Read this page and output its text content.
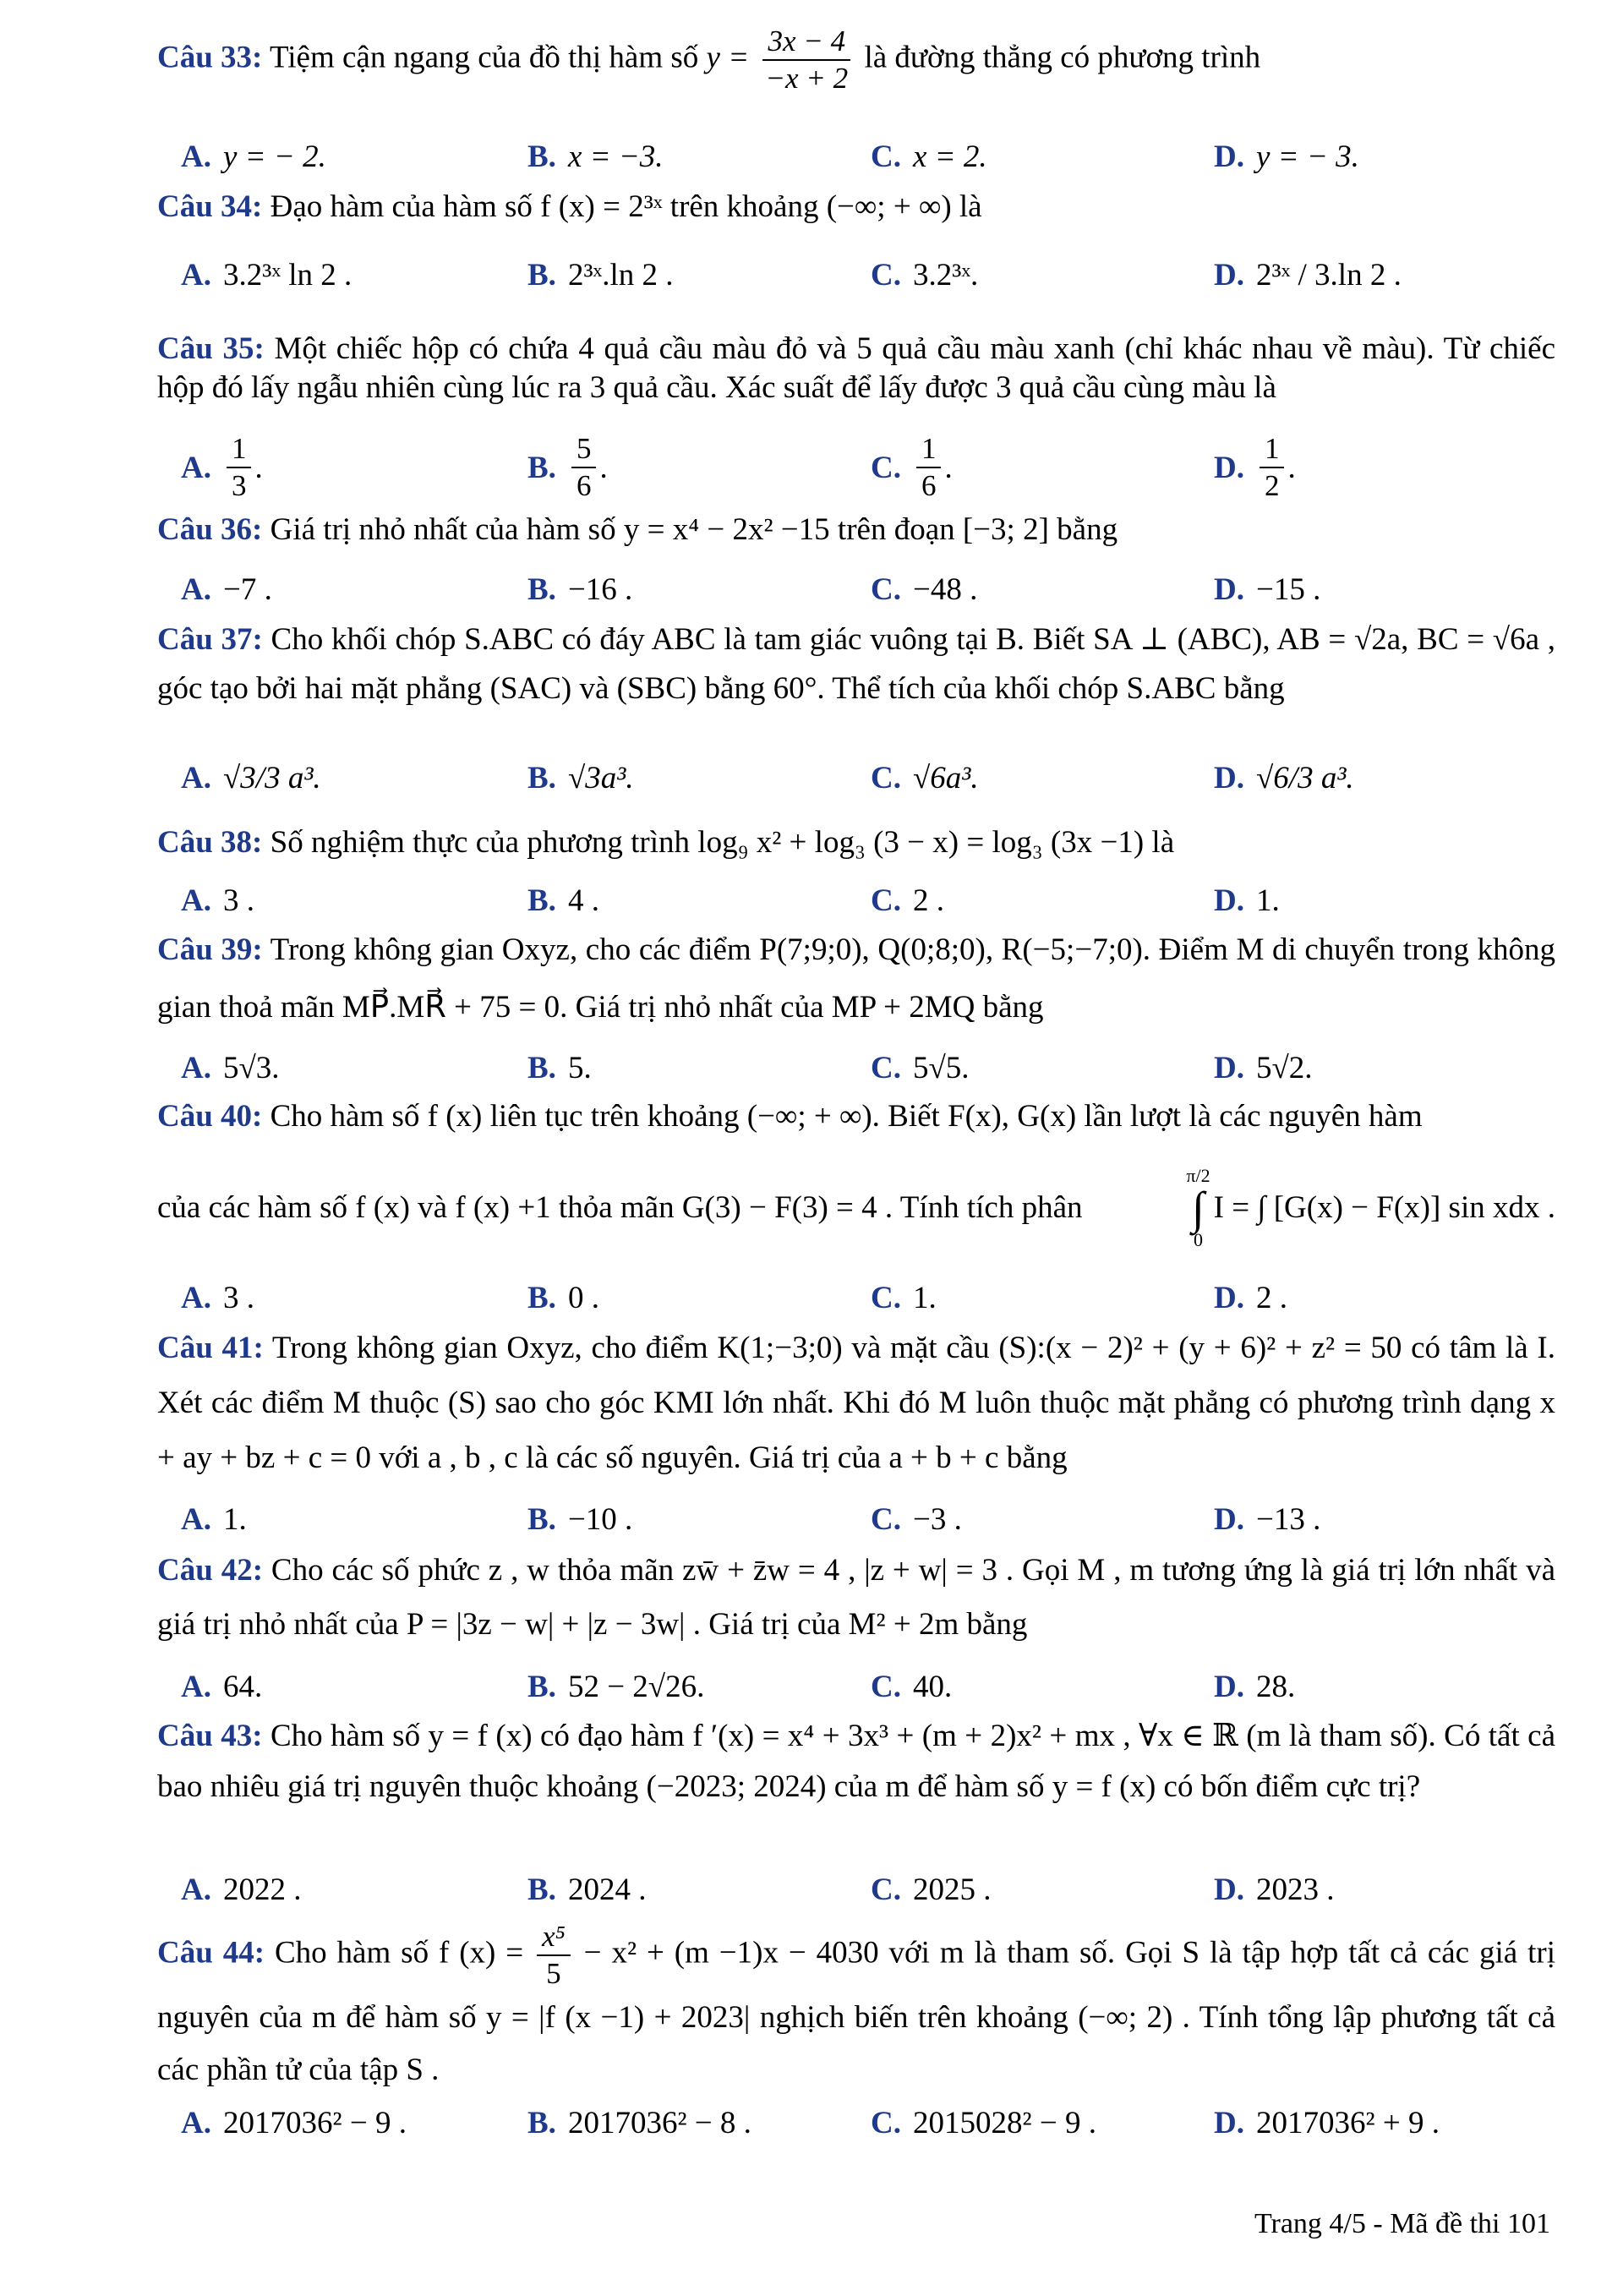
Câu 33: Tiệm cận ngang của đồ thị hàm số $y = \frac{3x - 4}{-x + 2}$ là đường thẳng có phương trình
A. y = − 2.	B. x = −3.	C. x = 2.	D. y = − 3.
Câu 34: Đạo hàm của hàm số f (x) = 2³ˣ trên khoảng (−∞; + ∞) là
A. 3.2³ˣ ln 2 .	B. 2³ˣ.ln 2 .	C. 3.2³ˣ.	D. 2³ˣ / 3.ln 2 .
Câu 35: Một chiếc hộp có chứa 4 quả cầu màu đỏ và 5 quả cầu màu xanh (chỉ khác nhau về màu). Từ chiếc hộp đó lấy ngẫu nhiên cùng lúc ra 3 quả cầu. Xác suất để lấy được 3 quả cầu cùng màu là
A. $\frac{1}{3}$ .	B. $\frac{5}{6}$ .	C. $\frac{1}{6}$ .	D. $\frac{1}{2}$ .
Câu 36: Giá trị nhỏ nhất của hàm số y = x⁴ − 2x² −15 trên đoạn [−3; 2] bằng
A. −7 .	B. −16 .	C. −48 .	D. −15 .
Câu 37: Cho khối chóp S.ABC có đáy ABC là tam giác vuông tại B. Biết SA ⊥ (ABC), AB = √2a, BC = √6a , góc tạo bởi hai mặt phẳng (SAC) và (SBC) bằng 60°. Thể tích của khối chóp S.ABC bằng
A. √3/3 a³.	B. √3a³.	C. √6a³.	D. √6/3 a³.
Câu 38: Số nghiệm thực của phương trình log₉ x² + log₃ (3 − x) = log₃ (3x −1) là
A. 3 .	B. 4 .	C. 2 .	D. 1.
Câu 39: Trong không gian Oxyz, cho các điểm P(7;9;0), Q(0;8;0), R(−5;−7;0). Điểm M di chuyển trong không gian thoả mãn MP⃗.MR⃗ + 75 = 0. Giá trị nhỏ nhất của MP + 2MQ bằng
A. 5√3.	B. 5.	C. 5√5.	D. 5√2.
Câu 40: Cho hàm số f (x) liên tục trên khoảng (−∞; + ∞). Biết F(x), G(x) lần lượt là các nguyên hàm
của các hàm số f (x) và f (x) +1 thỏa mãn G(3) − F(3) = 4 . Tính tích phân
π/2
∫
0
I = ∫ [G(x) − F(x)] sin xdx .
A. 3 .	B. 0 .	C. 1.	D. 2 .
Câu 41: Trong không gian Oxyz, cho điểm K(1;−3;0) và mặt cầu (S):(x − 2)² + (y + 6)² + z² = 50 có tâm là I. Xét các điểm M thuộc (S) sao cho góc KMI lớn nhất. Khi đó M luôn thuộc mặt phẳng có phương trình dạng x + ay + bz + c = 0 với a , b , c là các số nguyên. Giá trị của a + b + c bằng
A. 1.	B. −10 .	C. −3 .	D. −13 .
Câu 42: Cho các số phức z , w thỏa mãn zw̄ + z̄w = 4 , |z + w| = 3 . Gọi M , m tương ứng là giá trị lớn nhất và giá trị nhỏ nhất của P = |3z − w| + |z − 3w| . Giá trị của M² + 2m bằng
A. 64.	B. 52 − 2√26.	C. 40.	D. 28.
Câu 43: Cho hàm số y = f (x) có đạo hàm f ′(x) = x⁴ + 3x³ + (m + 2)x² + mx , ∀x ∈ ℝ (m là tham số). Có tất cả bao nhiêu giá trị nguyên thuộc khoảng (−2023; 2024) của m để hàm số y = f (x) có bốn điểm cực trị?
A. 2022 .	B. 2024 .	C. 2025 .	D. 2023 .
Câu 44: Cho hàm số f $(x) = \frac{\text{x⁵}}{5} - x^2 + (m -1)x - 4030$ với m là tham số. Gọi S là tập hợp tất cả các giá trị nguyên của m để hàm số y = |f (x −1) + 2023| nghịch biến trên khoảng (−∞; 2) . Tính tổng lập phương tất cả các phần tử của tập S .
A. 2017036² − 9 .	B. 2017036² − 8 .	C. 2015028² − 9 .	D. 2017036² + 9 .
Trang 4/5 - Mã đề thi 101
